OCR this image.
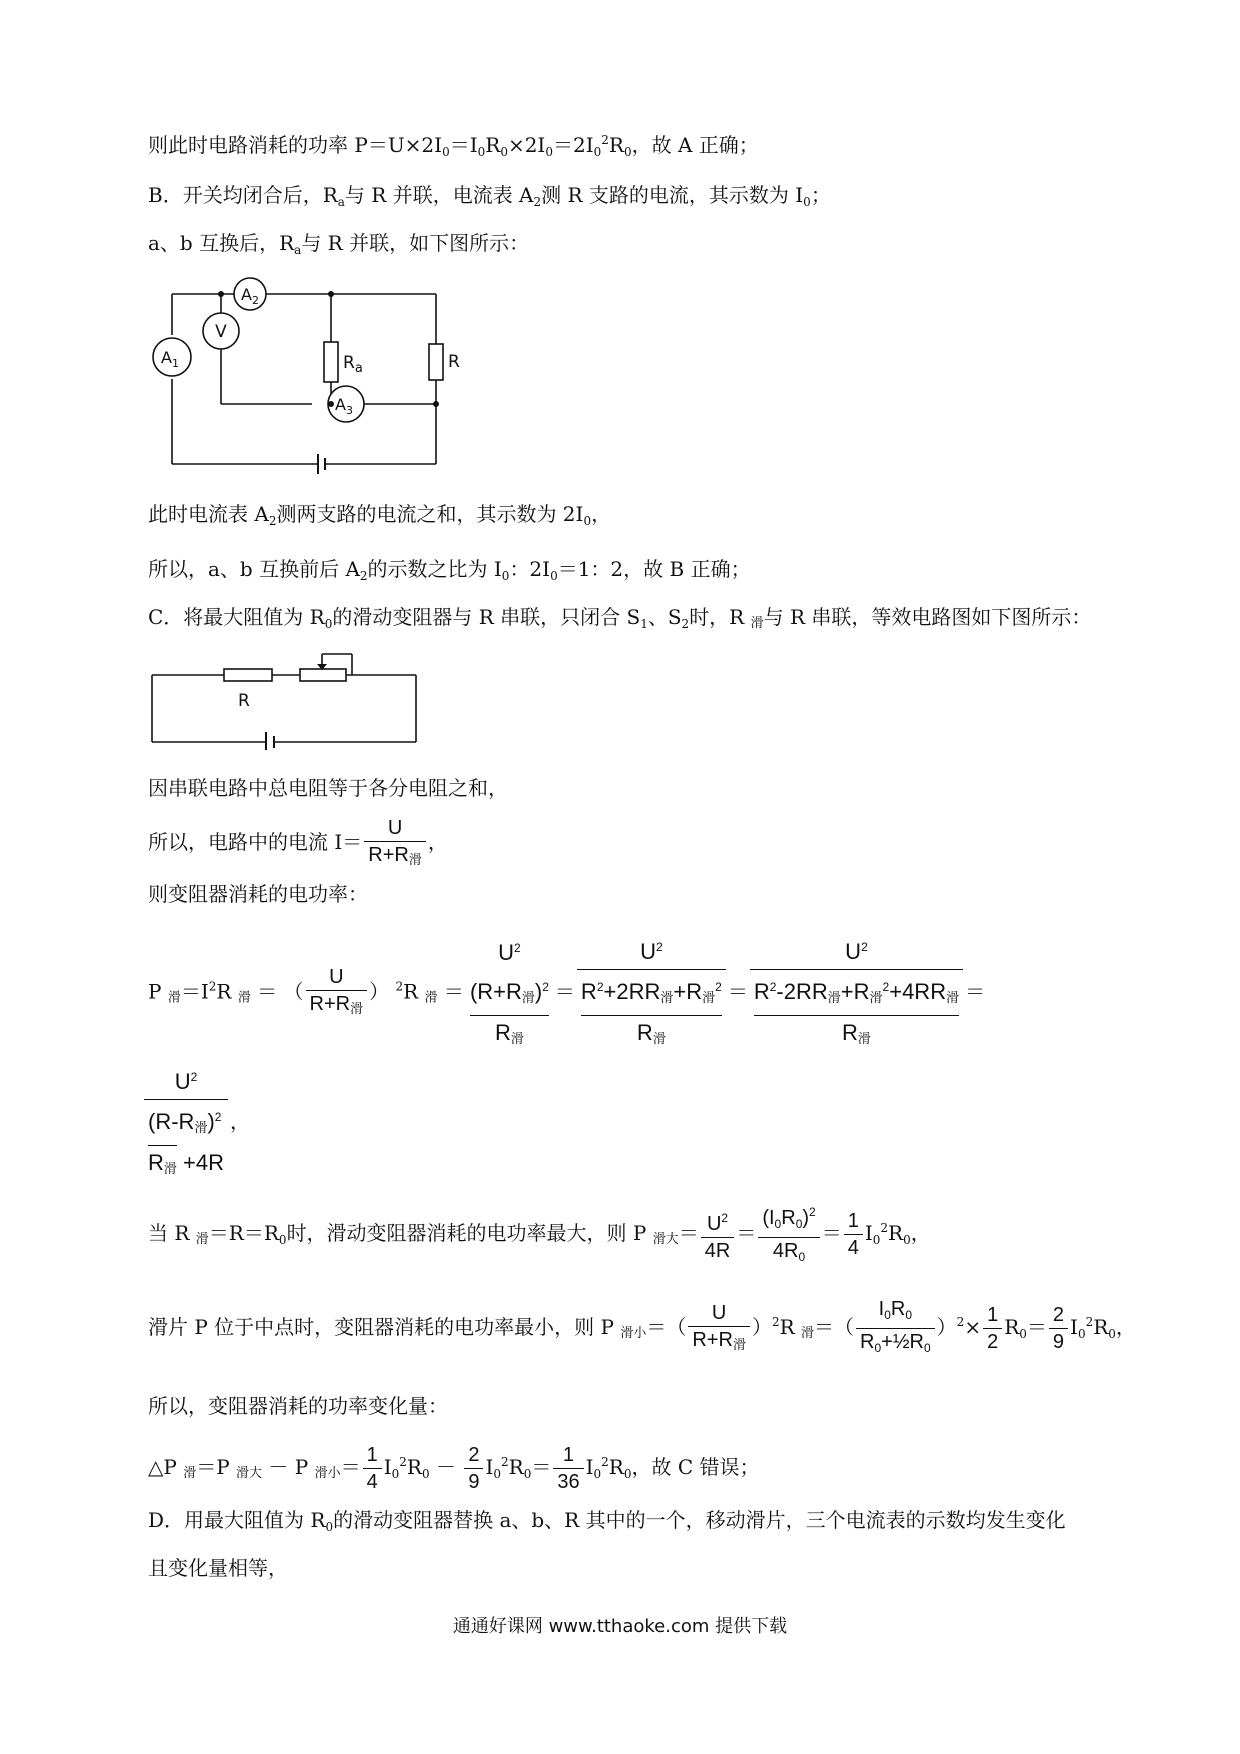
则此时电路消耗的功率 $P=U\times 2I_0=I_0R_0\times 2I_0=2I_0^2R_0$，故 A 正确；
B．开关均闭合后，$R_a$与 R 并联，电流表 $A_2$测 R 支路的电流，其示数为 $I_0$；
a、b 互换后，$R_a$与 R 并联，如下图所示：
$A_2$
$A_1$
V
$A_3$
$R_a$	R
此时电流表 $A_2$测两支路的电流之和，其示数为 $2I_0$，
所以，a、b 互换前后 $A_2$的示数之比为 $I_0$：$2I_0=1$：2，故 B 正确；
C．将最大阻值为 $R_0$的滑动变阻器与 R 串联，只闭合 $S_1$、$S_2$时，R 滑与 R 串联，等效电路图如下图所示：
R
因串联电路中总电阻等于各分电阻之和，
所以，电路中的电流 $I= \frac{U}{\text{R+R滑}}$ ，
则变阻器消耗的电功率：
P 滑$=I^2R$ 滑 ＝ （ $\frac{U}{\text{R+R滑}}$ ） $^2$R 滑 ＝
$U^2$
(R+R滑)$^2$

R滑
＝
$U^2$
$R^2+2RR$滑+R滑$^2$

R滑
＝
$U^2$
$R^2-2RR$滑+R滑$^2$+4RR滑

R滑
＝
$U^2$
(R-R滑)$^2$
R滑 +4R
，
当 R 滑$=R=R_0$时，滑动变阻器消耗的电功率最大，则 P 滑大＝ $\frac{U^2}{4R} = \frac{(I_0R_0)^2}{4R_0} = \frac{1}{4} I_0^2R_0$，
滑片 P 位于中点时，变阻器消耗的电功率最小，则 P 滑小＝（ $\frac{U}{\text{R+R滑}} )^2R$ 滑＝（ $\frac{I_0R_0}{R_0+\frac{1}{2}R_0} )^2\times \frac{1}{2} R_0= \frac{2}{9} I_0^2R_0$，
所以，变阻器消耗的功率变化量：
△P 滑＝P 滑大 － P 滑小＝ $\frac{1}{4} I_0^2R_0 - \frac{2}{9} I_0^2R_0= \frac{1}{36} I_0^2R_0$，故 C 错误；
D．用最大阻值为 $R_0$的滑动变阻器替换 a、b、R 其中的一个，移动滑片，三个电流表的示数均发生变化
且变化量相等，
通通好课网 www.tthaoke.com 提供下载
